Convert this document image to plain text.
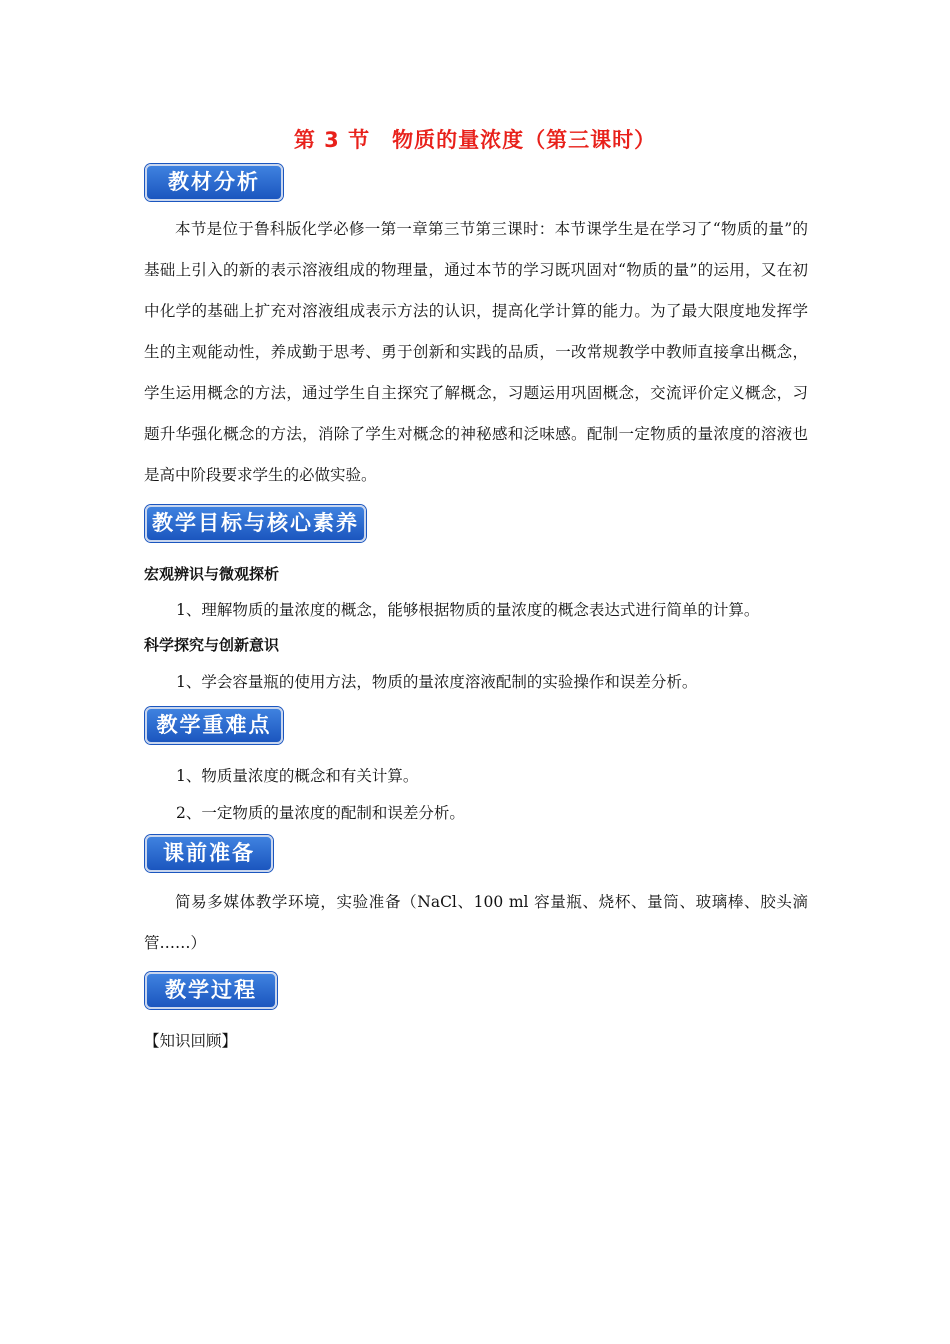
第 3 节　物质的量浓度（第三课时）
教材分析

本节是位于鲁科版化学必修一第一章第三节第三课时：本节课学生是在学习了“物质的量”的基础上引入的新的表示溶液组成的物理量，通过本节的学习既巩固对“物质的量”的运用，又在初中化学的基础上扩充对溶液组成表示方法的认识，提高化学计算的能力。为了最大限度地发挥学生的主观能动性，养成勤于思考、勇于创新和实践的品质，一改常规教学中教师直接拿出概念，学生运用概念的方法，通过学生自主探究了解概念，习题运用巩固概念，交流评价定义概念，习题升华强化概念的方法，消除了学生对概念的神秘感和泛味感。配制一定物质的量浓度的溶液也是高中阶段要求学生的必做实验。

教学目标与核心素养
宏观辨识与微观探析
1、理解物质的量浓度的概念，能够根据物质的量浓度的概念表达式进行简单的计算。
科学探究与创新意识
1、学会容量瓶的使用方法，物质的量浓度溶液配制的实验操作和误差分析。
教学重难点
1、物质量浓度的概念和有关计算。
2、一定物质的量浓度的配制和误差分析。
课前准备

简易多媒体教学环境，实验准备（NaCl、100 ml 容量瓶、烧杯、量筒、玻璃棒、胶头滴管……）

教学过程
【知识回顾】
